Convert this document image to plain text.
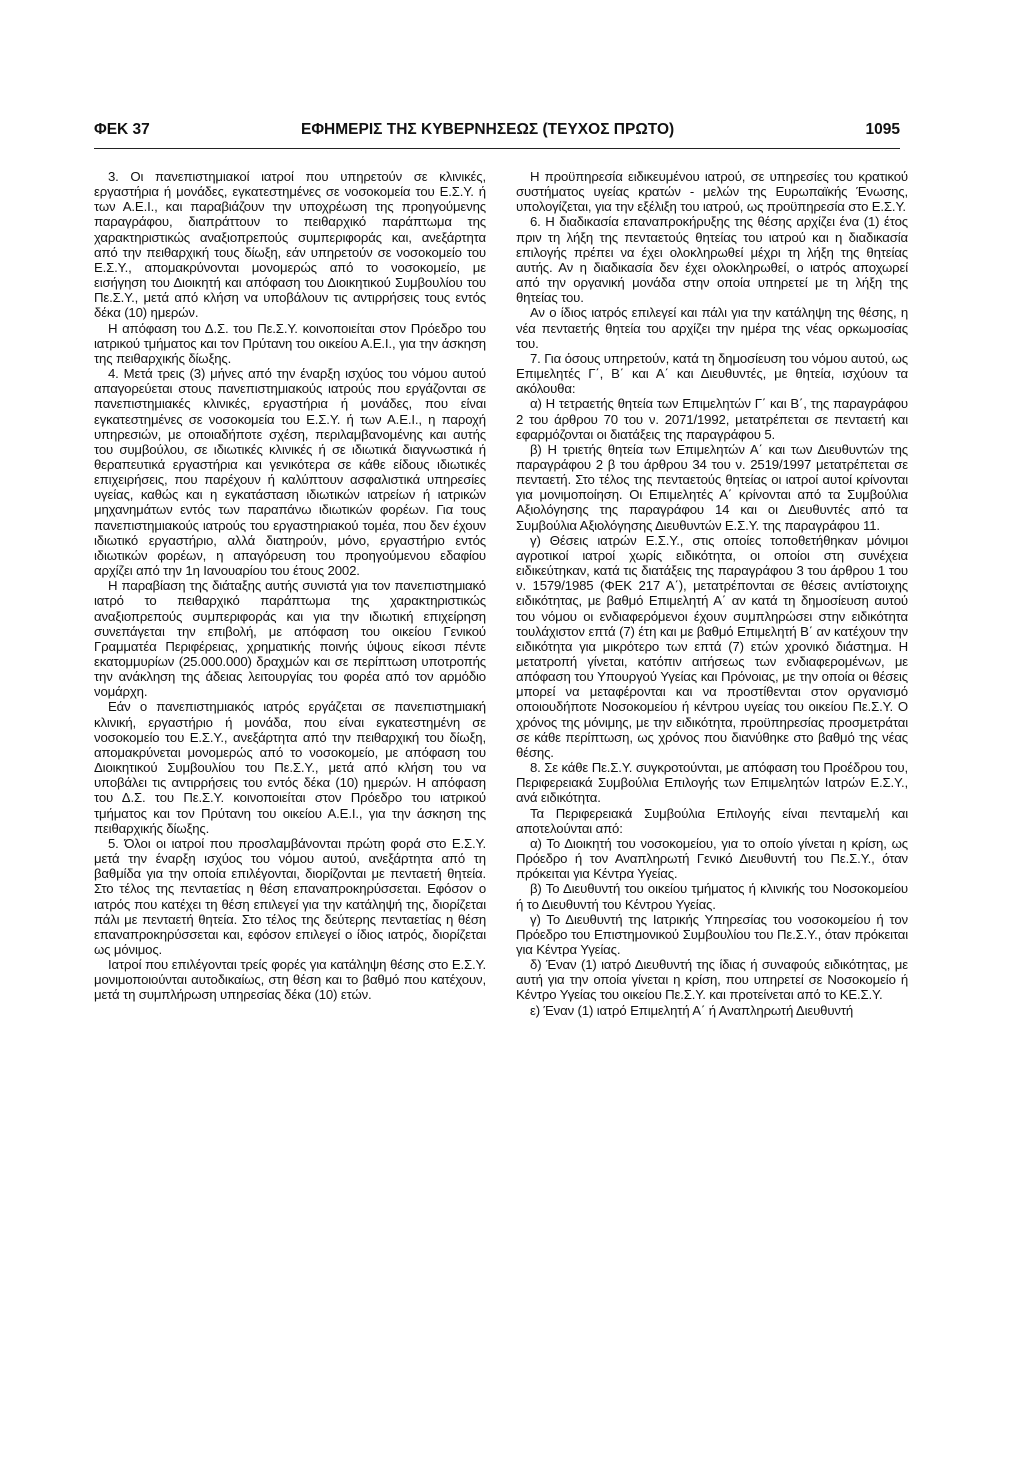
ΦΕΚ 37	ΕΦΗΜΕΡΙΣ ΤΗΣ ΚΥΒΕΡΝΗΣΕΩΣ (ΤΕΥΧΟΣ ΠΡΩΤΟ)	1095

3. Οι πανεπιστημιακοί ιατροί που υπηρετούν σε κλινικές, εργαστήρια ή μονάδες, εγκατεστημένες σε νοσοκομεία του Ε.Σ.Υ. ή των Α.Ε.Ι., και παραβιάζουν την υποχρέωση της προηγούμενης παραγράφου, διαπράττουν το πειθαρχικό παράπτωμα της χαρακτηριστικώς αναξιοπρεπούς συμπεριφοράς και, ανεξάρτητα από την πειθαρχική τους δίωξη, εάν υπηρετούν σε νοσοκομείο του Ε.Σ.Υ., απομακρύνονται μονομερώς από το νοσοκομείο, με εισήγηση του Διοικητή και απόφαση του Διοικητικού Συμβουλίου του Πε.Σ.Υ., μετά από κλήση να υποβάλουν τις αντιρρήσεις τους εντός δέκα (10) ημερών.

Η απόφαση του Δ.Σ. του Πε.Σ.Υ. κοινοποιείται στον Πρόεδρο του ιατρικού τμήματος και τον Πρύτανη του οικείου Α.Ε.Ι., για την άσκηση της πειθαρχικής δίωξης.

4. Μετά τρεις (3) μήνες από την έναρξη ισχύος του νόμου αυτού απαγορεύεται στους πανεπιστημιακούς ιατρούς που εργάζονται σε πανεπιστημιακές κλινικές, εργαστήρια ή μονάδες, που είναι εγκατεστημένες σε νοσοκομεία του Ε.Σ.Υ. ή των Α.Ε.Ι., η παροχή υπηρεσιών, με οποιαδήποτε σχέση, περιλαμβανομένης και αυτής του συμβούλου, σε ιδιωτικές κλινικές ή σε ιδιωτικά διαγνωστικά ή θεραπευτικά εργαστήρια και γενικότερα σε κάθε είδους ιδιωτικές επιχειρήσεις, που παρέχουν ή καλύπτουν ασφαλιστικά υπηρεσίες υγείας, καθώς και η εγκατάσταση ιδιωτικών ιατρείων ή ιατρικών μηχανημάτων εντός των παραπάνω ιδιωτικών φορέων. Για τους πανεπιστημιακούς ιατρούς του εργαστηριακού τομέα, που δεν έχουν ιδιωτικό εργαστήριο, αλλά διατηρούν, μόνο, εργαστήριο εντός ιδιωτικών φορέων, η απαγόρευση του προηγούμενου εδαφίου αρχίζει από την 1η Ιανουαρίου του έτους 2002.

Η παραβίαση της διάταξης αυτής συνιστά για τον πανεπιστημιακό ιατρό το πειθαρχικό παράπτωμα της χαρακτηριστικώς αναξιοπρεπούς συμπεριφοράς και για την ιδιωτική επιχείρηση συνεπάγεται την επιβολή, με απόφαση του οικείου Γενικού Γραμματέα Περιφέρειας, χρηματικής ποινής ύψους είκοσι πέντε εκατομμυρίων (25.000.000) δραχμών και σε περίπτωση υποτροπής την ανάκληση της άδειας λειτουργίας του φορέα από τον αρμόδιο νομάρχη.

Εάν ο πανεπιστημιακός ιατρός εργάζεται σε πανεπιστημιακή κλινική, εργαστήριο ή μονάδα, που είναι εγκατεστημένη σε νοσοκομείο του Ε.Σ.Υ., ανεξάρτητα από την πειθαρχική του δίωξη, απομακρύνεται μονομερώς από το νοσοκομείο, με απόφαση του Διοικητικού Συμβουλίου του Πε.Σ.Υ., μετά από κλήση του να υποβάλει τις αντιρρήσεις του εντός δέκα (10) ημερών. Η απόφαση του Δ.Σ. του Πε.Σ.Υ. κοινοποιείται στον Πρόεδρο του ιατρικού τμήματος και τον Πρύτανη του οικείου Α.Ε.Ι., για την άσκηση της πειθαρχικής δίωξης.

5. Όλοι οι ιατροί που προσλαμβάνονται πρώτη φορά στο Ε.Σ.Υ. μετά την έναρξη ισχύος του νόμου αυτού, ανεξάρτητα από τη βαθμίδα για την οποία επιλέγονται, διορίζονται με πενταετή θητεία. Στο τέλος της πενταετίας η θέση επαναπροκηρύσσεται. Εφόσον ο ιατρός που κατέχει τη θέση επιλεγεί για την κατάληψή της, διορίζεται πάλι με πενταετή θητεία. Στο τέλος της δεύτερης πενταετίας η θέση επαναπροκηρύσσεται και, εφόσον επιλεγεί ο ίδιος ιατρός, διορίζεται ως μόνιμος.

Ιατροί που επιλέγονται τρείς φορές για κατάληψη θέσης στο Ε.Σ.Υ. μονιμοποιούνται αυτοδικαίως, στη θέση και το βαθμό που κατέχουν, μετά τη συμπλήρωση υπηρεσίας δέκα (10) ετών.

Η προϋπηρεσία ειδικευμένου ιατρού, σε υπηρεσίες του κρατικού συστήματος υγείας κρατών - μελών της Ευρωπαϊκής Ένωσης, υπολογίζεται, για την εξέλιξη του ιατρού, ως προϋπηρεσία στο Ε.Σ.Υ.

6. Η διαδικασία επαναπροκήρυξης της θέσης αρχίζει ένα (1) έτος πριν τη λήξη της πενταετούς θητείας του ιατρού και η διαδικασία επιλογής πρέπει να έχει ολοκληρωθεί μέχρι τη λήξη της θητείας αυτής. Αν η διαδικασία δεν έχει ολοκληρωθεί, ο ιατρός αποχωρεί από την οργανική μονάδα στην οποία υπηρετεί με τη λήξη της θητείας του.

Αν ο ίδιος ιατρός επιλεγεί και πάλι για την κατάληψη της θέσης, η νέα πενταετής θητεία του αρχίζει την ημέρα της νέας ορκωμοσίας του.

7. Για όσους υπηρετούν, κατά τη δημοσίευση του νόμου αυτού, ως Επιμελητές Γ΄, Β΄ και Α΄ και Διευθυντές, με θητεία, ισχύουν τα ακόλουθα:

α) Η τετραετής θητεία των Επιμελητών Γ΄ και Β΄, της παραγράφου 2 του άρθρου 70 του ν. 2071/1992, μετατρέπεται σε πενταετή και εφαρμόζονται οι διατάξεις της παραγράφου 5.

β) Η τριετής θητεία των Επιμελητών Α΄ και των Διευθυντών της παραγράφου 2 β του άρθρου 34 του ν. 2519/1997 μετατρέπεται σε πενταετή. Στο τέλος της πενταετούς θητείας οι ιατροί αυτοί κρίνονται για μονιμοποίηση. Οι Επιμελητές Α΄ κρίνονται από τα Συμβούλια Αξιολόγησης της παραγράφου 14 και οι Διευθυντές από τα Συμβούλια Αξιολόγησης Διευθυντών Ε.Σ.Υ. της παραγράφου 11.

γ) Θέσεις ιατρών Ε.Σ.Υ., στις οποίες τοποθετήθηκαν μόνιμοι αγροτικοί ιατροί χωρίς ειδικότητα, οι οποίοι στη συνέχεια ειδικεύτηκαν, κατά τις διατάξεις της παραγράφου 3 του άρθρου 1 του ν. 1579/1985 (ΦΕΚ 217 Α΄), μετατρέπονται σε θέσεις αντίστοιχης ειδικότητας, με βαθμό Επιμελητή Α΄ αν κατά τη δημοσίευση αυτού του νόμου οι ενδιαφερόμενοι έχουν συμπληρώσει στην ειδικότητα τουλάχιστον επτά (7) έτη και με βαθμό Επιμελητή Β΄ αν κατέχουν την ειδικότητα για μικρότερο των επτά (7) ετών χρονικό διάστημα. Η μετατροπή γίνεται, κατόπιν αιτήσεως των ενδιαφερομένων, με απόφαση του Υπουργού Υγείας και Πρόνοιας, με την οποία οι θέσεις μπορεί να μεταφέρονται και να προστίθενται στον οργανισμό οποιουδήποτε Νοσοκομείου ή κέντρου υγείας του οικείου Πε.Σ.Υ. Ο χρόνος της μόνιμης, με την ειδικότητα, προϋπηρεσίας προσμετράται σε κάθε περίπτωση, ως χρόνος που διανύθηκε στο βαθμό της νέας θέσης.

8. Σε κάθε Πε.Σ.Υ. συγκροτούνται, με απόφαση του Προέδρου του, Περιφερειακά Συμβούλια Επιλογής των Επιμελητών Ιατρών Ε.Σ.Υ., ανά ειδικότητα.

Τα Περιφερειακά Συμβούλια Επιλογής είναι πενταμελή και αποτελούνται από:

α) Το Διοικητή του νοσοκομείου, για το οποίο γίνεται η κρίση, ως Πρόεδρο ή τον Αναπληρωτή Γενικό Διευθυντή του Πε.Σ.Υ., όταν πρόκειται για Κέντρα Υγείας.

β) Το Διευθυντή του οικείου τμήματος ή κλινικής του Νοσοκομείου ή το Διευθυντή του Κέντρου Υγείας.

γ) Το Διευθυντή της Ιατρικής Υπηρεσίας του νοσοκομείου ή τον Πρόεδρο του Επιστημονικού Συμβουλίου του Πε.Σ.Υ., όταν πρόκειται για Κέντρα Υγείας.

δ) Έναν (1) ιατρό Διευθυντή της ίδιας ή συναφούς ειδικότητας, με αυτή για την οποία γίνεται η κρίση, που υπηρετεί σε Νοσοκομείο ή Κέντρο Υγείας του οικείου Πε.Σ.Υ. και προτείνεται από το ΚΕ.Σ.Υ.

ε) Έναν (1) ιατρό Επιμελητή Α΄ ή Αναπληρωτή Διευθυντή
